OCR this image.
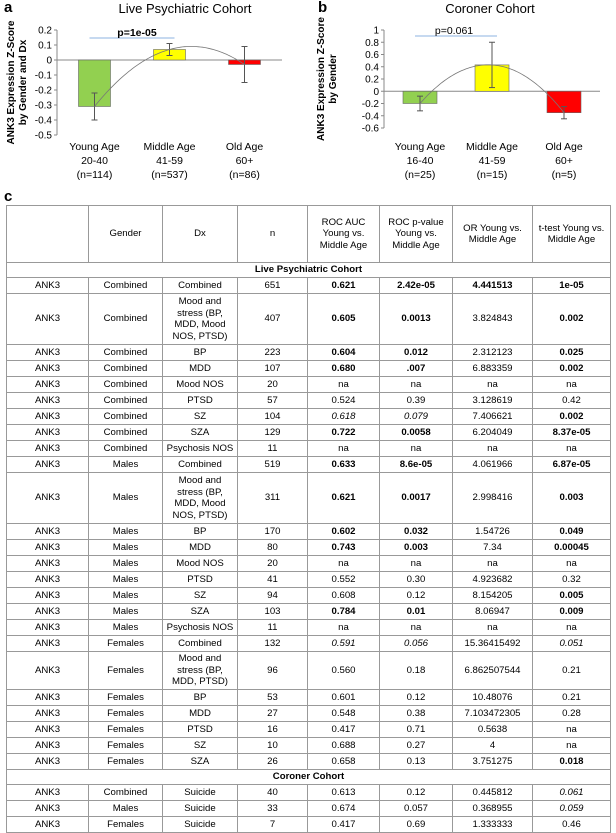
a	Live Psychiatric Cohort
-0.5
-0.4
-0.3
-0.2
-0.1
0
0.1
0.2
ANK3 Expression Z-Score by Gender and Dx
Young Age
20-40
(n=114)
Middle Age
41-59
(n=537)
Old Age
60+
(n=86)
p=1e-05
b	Coroner Cohort
-0.6
-0.4
-0.2
0
0.2
0.4
0.6
0.8
1
ANK3 Expression Z-Score by Gender
Young Age
16-40
(n=25)
Middle Age
41-59
(n=15)
Old Age
60+
(n=5)
p=0.061
c
	Gender	Dx	n	ROC AUC Young vs. Middle Age	ROC p-value Young vs. Middle Age	OR Young vs. Middle Age	t-test Young vs. Middle Age
Live Psychiatric Cohort							
ANK3	Combined	Combined	651	0.621	2.42e-05	4.441513	1e-05
ANK3	Combined	Mood and stress (BP, MDD, Mood NOS, PTSD)	407	0.605	0.0013	3.824843	0.002
ANK3	Combined	BP	223	0.604	0.012	2.312123	0.025
ANK3	Combined	MDD	107	0.680	.007	6.883359	0.002
ANK3	Combined	Mood NOS	20	na	na	na	na
ANK3	Combined	PTSD	57	0.524	0.39	3.128619	0.42
ANK3	Combined	SZ	104	0.618	0.079	7.406621	0.002
ANK3	Combined	SZA	129	0.722	0.0058	6.204049	8.37e-05
ANK3	Combined	Psychosis NOS	11	na	na	na	na
ANK3	Males	Combined	519	0.633	8.6e-05	4.061966	6.87e-05
ANK3	Males	Mood and stress (BP, MDD, Mood NOS, PTSD)	311	0.621	0.0017	2.998416	0.003
ANK3	Males	BP	170	0.602	0.032	1.54726	0.049
ANK3	Males	MDD	80	0.743	0.003	7.34	0.00045
ANK3	Males	Mood NOS	20	na	na	na	na
ANK3	Males	PTSD	41	0.552	0.30	4.923682	0.32
ANK3	Males	SZ	94	0.608	0.12	8.154205	0.005
ANK3	Males	SZA	103	0.784	0.01	8.06947	0.009
ANK3	Males	Psychosis NOS	11	na	na	na	na
ANK3	Females	Combined	132	0.591	0.056	15.36415492	0.051
ANK3	Females	Mood and stress (BP, MDD, PTSD)	96	0.560	0.18	6.862507544	0.21
ANK3	Females	BP	53	0.601	0.12	10.48076	0.21
ANK3	Females	MDD	27	0.548	0.38	7.103472305	0.28
ANK3	Females	PTSD	16	0.417	0.71	0.5638	na
ANK3	Females	SZ	10	0.688	0.27	4	na
ANK3	Females	SZA	26	0.658	0.13	3.751275	0.018
Coroner Cohort							
ANK3	Combined	Suicide	40	0.613	0.12	0.445812	0.061
ANK3	Males	Suicide	33	0.674	0.057	0.368955	0.059
ANK3	Females	Suicide	7	0.417	0.69	1.333333	0.46
